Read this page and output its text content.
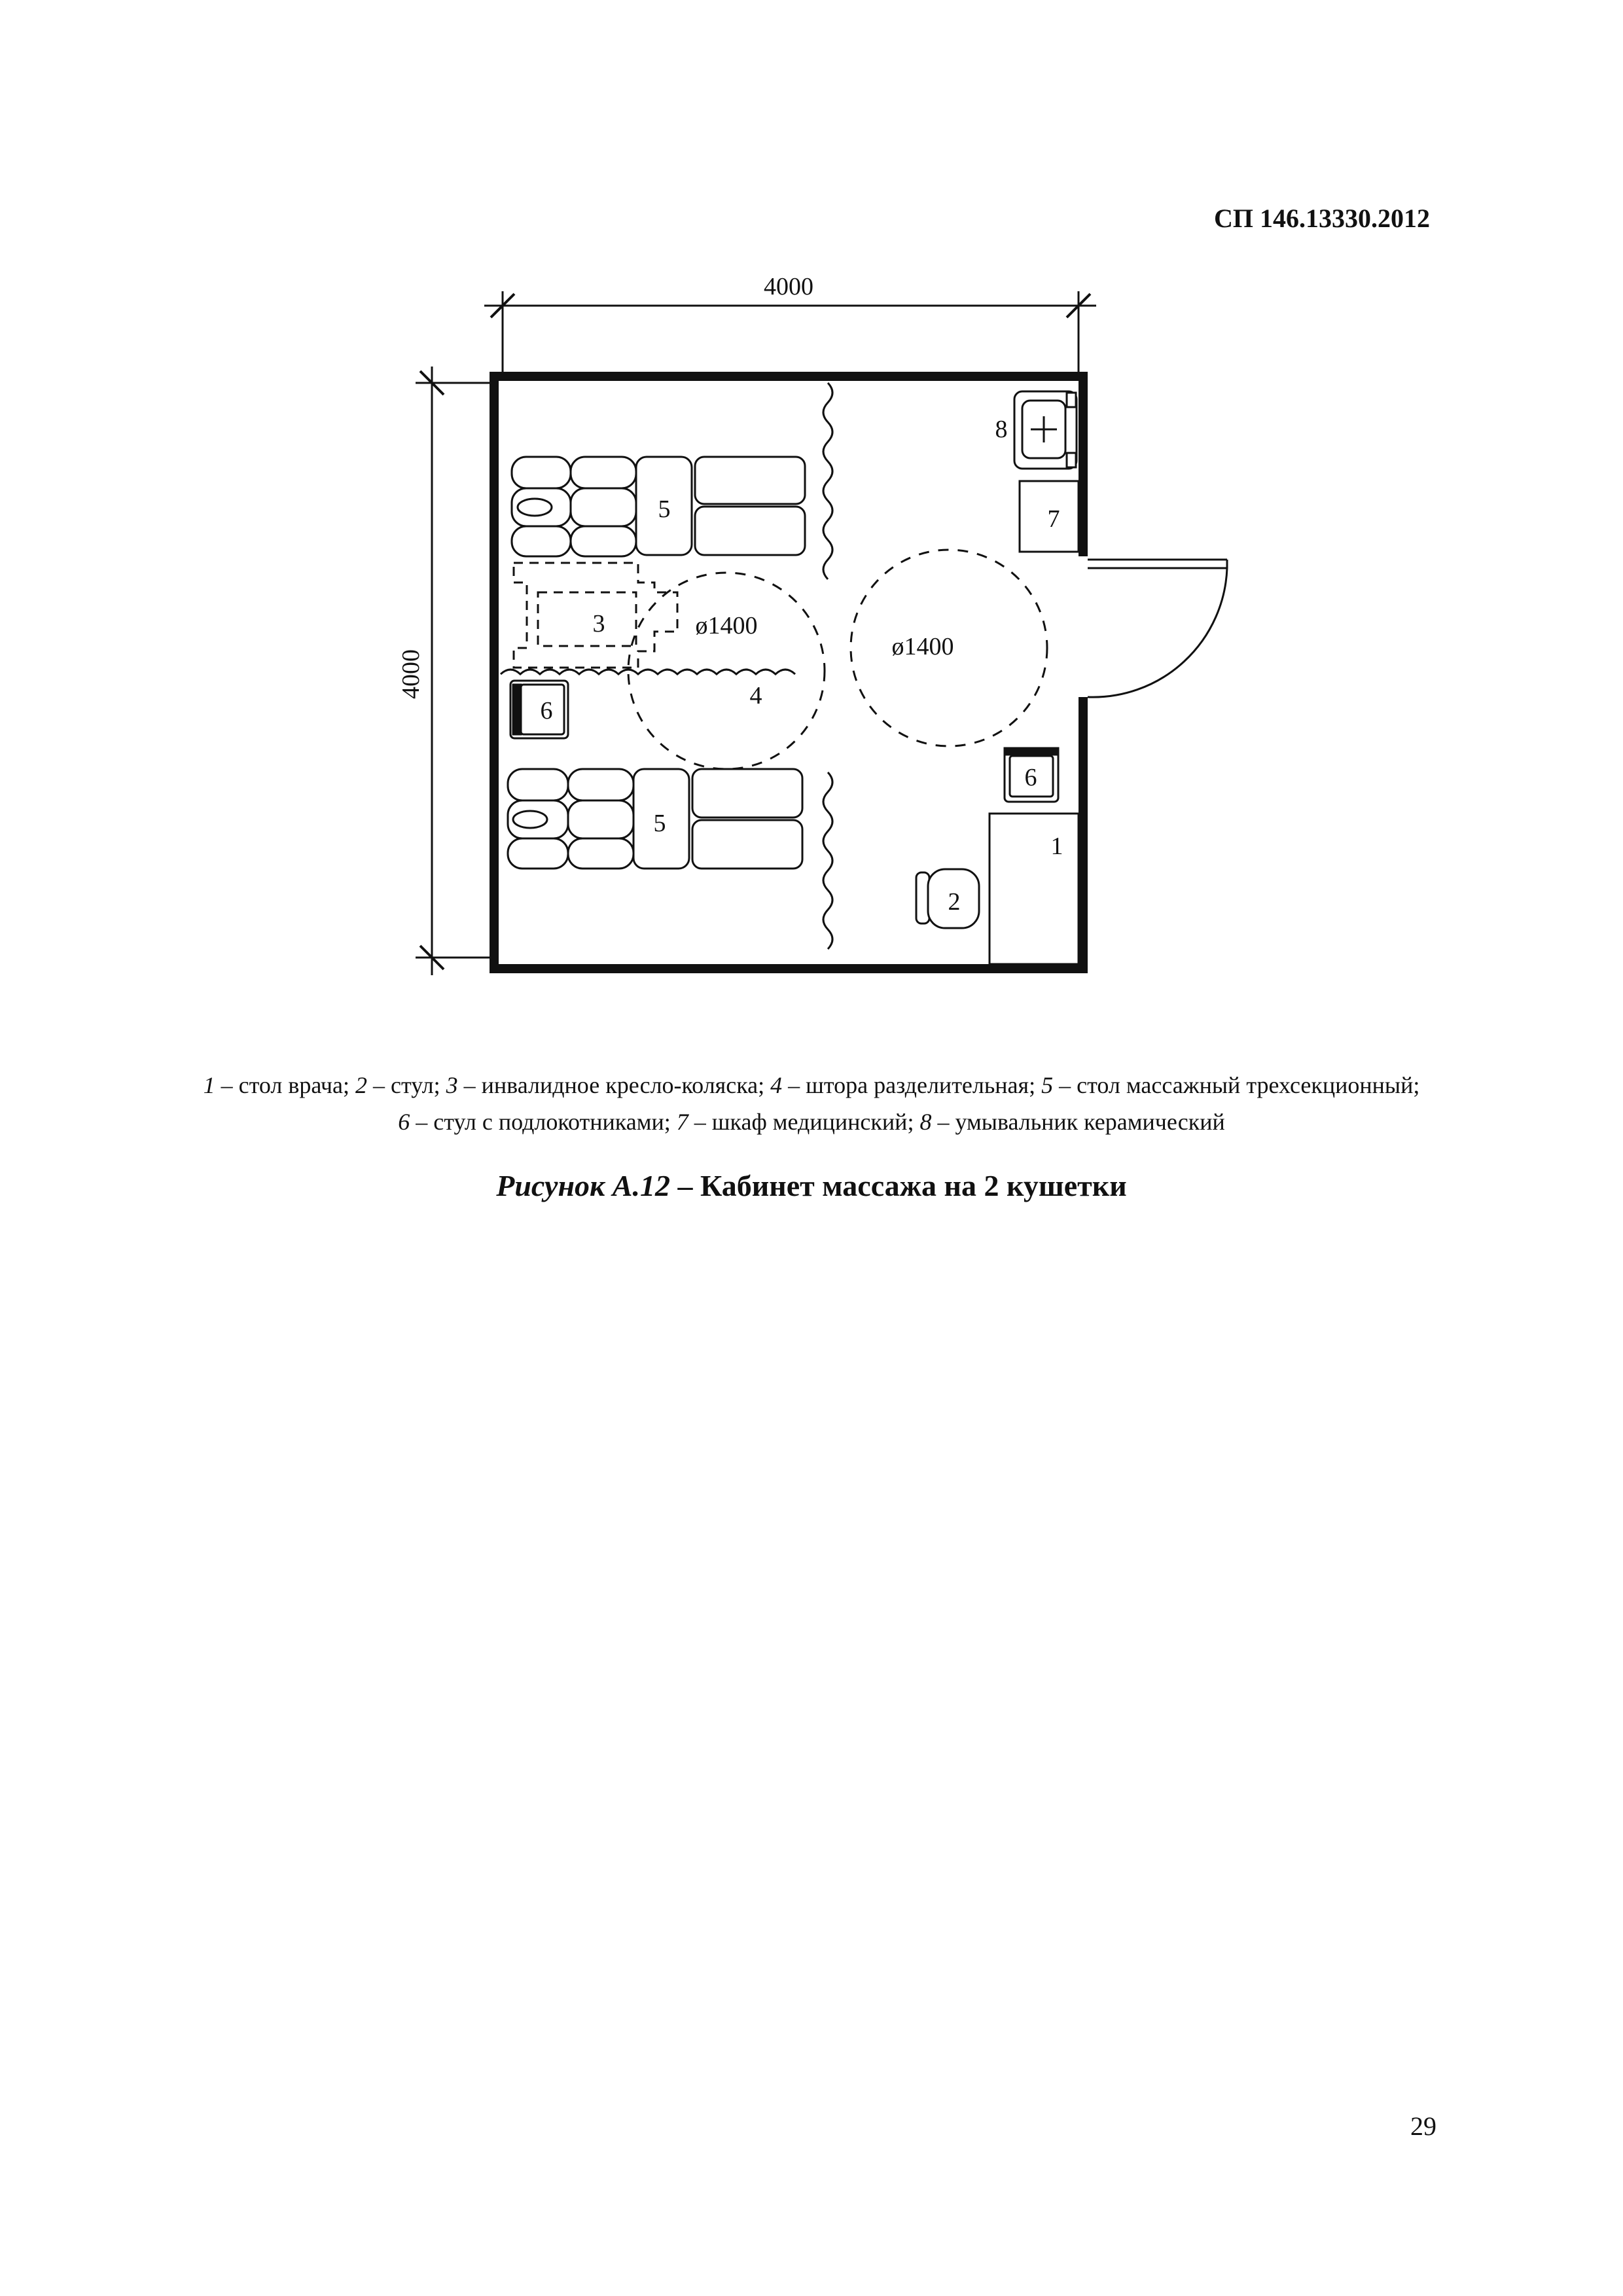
СП 146.13330.2012
4000
4000
ø1400
ø1400
4
5
5
3
6
6
8
7
1
2
1 – стол врача; 2 – стул; 3 – инвалидное кресло-коляска; 4 – штора разделительная; 5 – стол массажный трехсекционный; 6 – стул с подлокотниками; 7 – шкаф медицинский; 8 – умывальник керамический
Рисунок А.12 – Кабинет массажа на 2 кушетки
29
